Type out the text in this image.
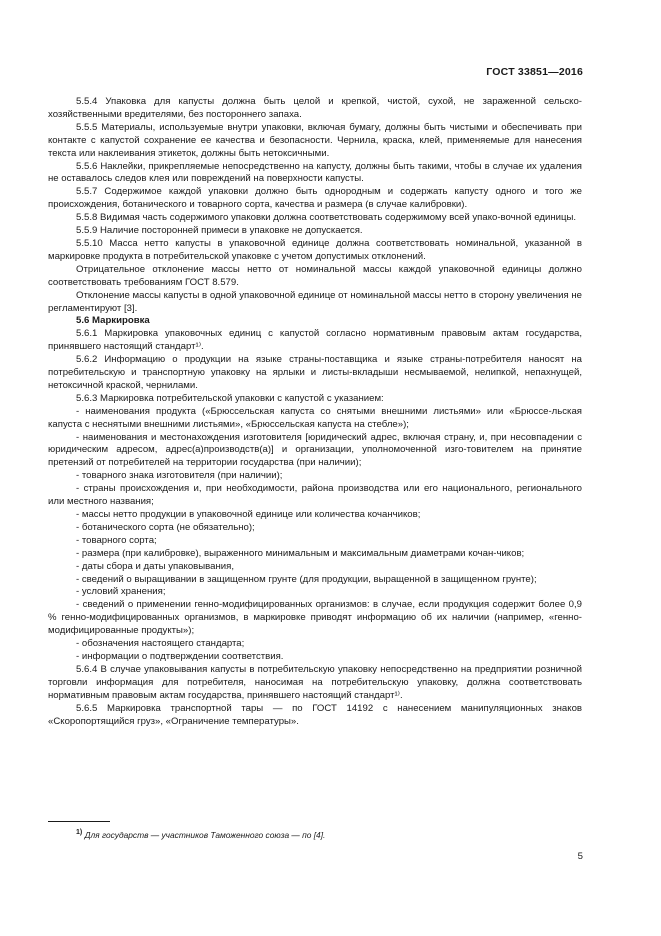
ГОСТ 33851—2016

5.5.4 Упаковка для капусты должна быть целой и крепкой, чистой, сухой, не зараженной сельско-хозяйственными вредителями, без постороннего запаха.

5.5.5 Материалы, используемые внутри упаковки, включая бумагу, должны быть чистыми и обеспечивать при контакте с капустой сохранение ее качества и безопасности. Чернила, краска, клей, применяемые для нанесения текста или наклеивания этикеток, должны быть нетоксичными.

5.5.6 Наклейки, прикрепляемые непосредственно на капусту, должны быть такими, чтобы в случае их удаления не оставалось следов клея или повреждений на поверхности капусты.

5.5.7 Содержимое каждой упаковки должно быть однородным и содержать капусту одного и того же происхождения, ботанического и товарного сорта, качества и размера (в случае калибровки).

5.5.8 Видимая часть содержимого упаковки должна соответствовать содержимому всей упако-вочной единицы.

5.5.9 Наличие посторонней примеси в упаковке не допускается.

5.5.10 Масса нетто капусты в упаковочной единице должна соответствовать номинальной, указанной в маркировке продукта в потребительской упаковке с учетом допустимых отклонений.

Отрицательное отклонение массы нетто от номинальной массы каждой упаковочной единицы должно соответствовать требованиям ГОСТ 8.579.

Отклонение массы капусты в одной упаковочной единице от номинальной массы нетто в сторону увеличения не регламентируют [3].

5.6 Маркировка

5.6.1 Маркировка упаковочных единиц с капустой согласно нормативным правовым актам государства, принявшего настоящий стандарт¹⁾.

5.6.2 Информацию о продукции на языке страны-поставщика и языке страны-потребителя наносят на потребительскую и транспортную упаковку на ярлыки и листы-вкладыши несмываемой, нелипкой, непахнущей, нетоксичной краской, чернилами.

5.6.3 Маркировка потребительской упаковки с капустой с указанием:

- наименования продукта («Брюссельская капуста со снятыми внешними листьями» или «Брюссе-льская капуста с неснятыми внешними листьями», «Брюссельская капуста на стебле»);

- наименования и местонахождения изготовителя [юридический адрес, включая страну, и, при несовпадении с юридическим адресом, адрес(а)производств(а)] и организации, уполномоченной изго-товителем на принятие претензий от потребителей на территории государства (при наличии);

- товарного знака изготовителя (при наличии);

- страны происхождения и, при необходимости, района производства или его национального, регионального или местного названия;

- массы нетто продукции в упаковочной единице или количества кочанчиков;

- ботанического сорта (не обязательно);

- товарного сорта;

- размера (при калибровке), выраженного минимальным и максимальным диаметрами кочан-чиков;

- даты сбора и даты упаковывания,

- сведений о выращивании в защищенном грунте (для продукции, выращенной в защищенном грунте);

- условий хранения;

- сведений о применении генно-модифицированных организмов: в случае, если продукция содержит более 0,9 % генно-модифицированных организмов, в маркировке приводят информацию об их наличии (например, «генно-модифицированные продукты»);

- обозначения настоящего стандарта;

- информации о подтверждении соответствия.

5.6.4 В случае упаковывания капусты в потребительскую упаковку непосредственно на предприятии розничной торговли информация для потребителя, наносимая на потребительскую упаковку, должна соответствовать нормативным правовым актам государства, принявшего настоящий стандарт¹⁾.

5.6.5 Маркировка транспортной тары — по ГОСТ 14192 с нанесением манипуляционных знаков «Скоропортящийся груз», «Ограничение температуры».

$^{1)}$ Для государств — участников Таможенного союза — по [4].
5
